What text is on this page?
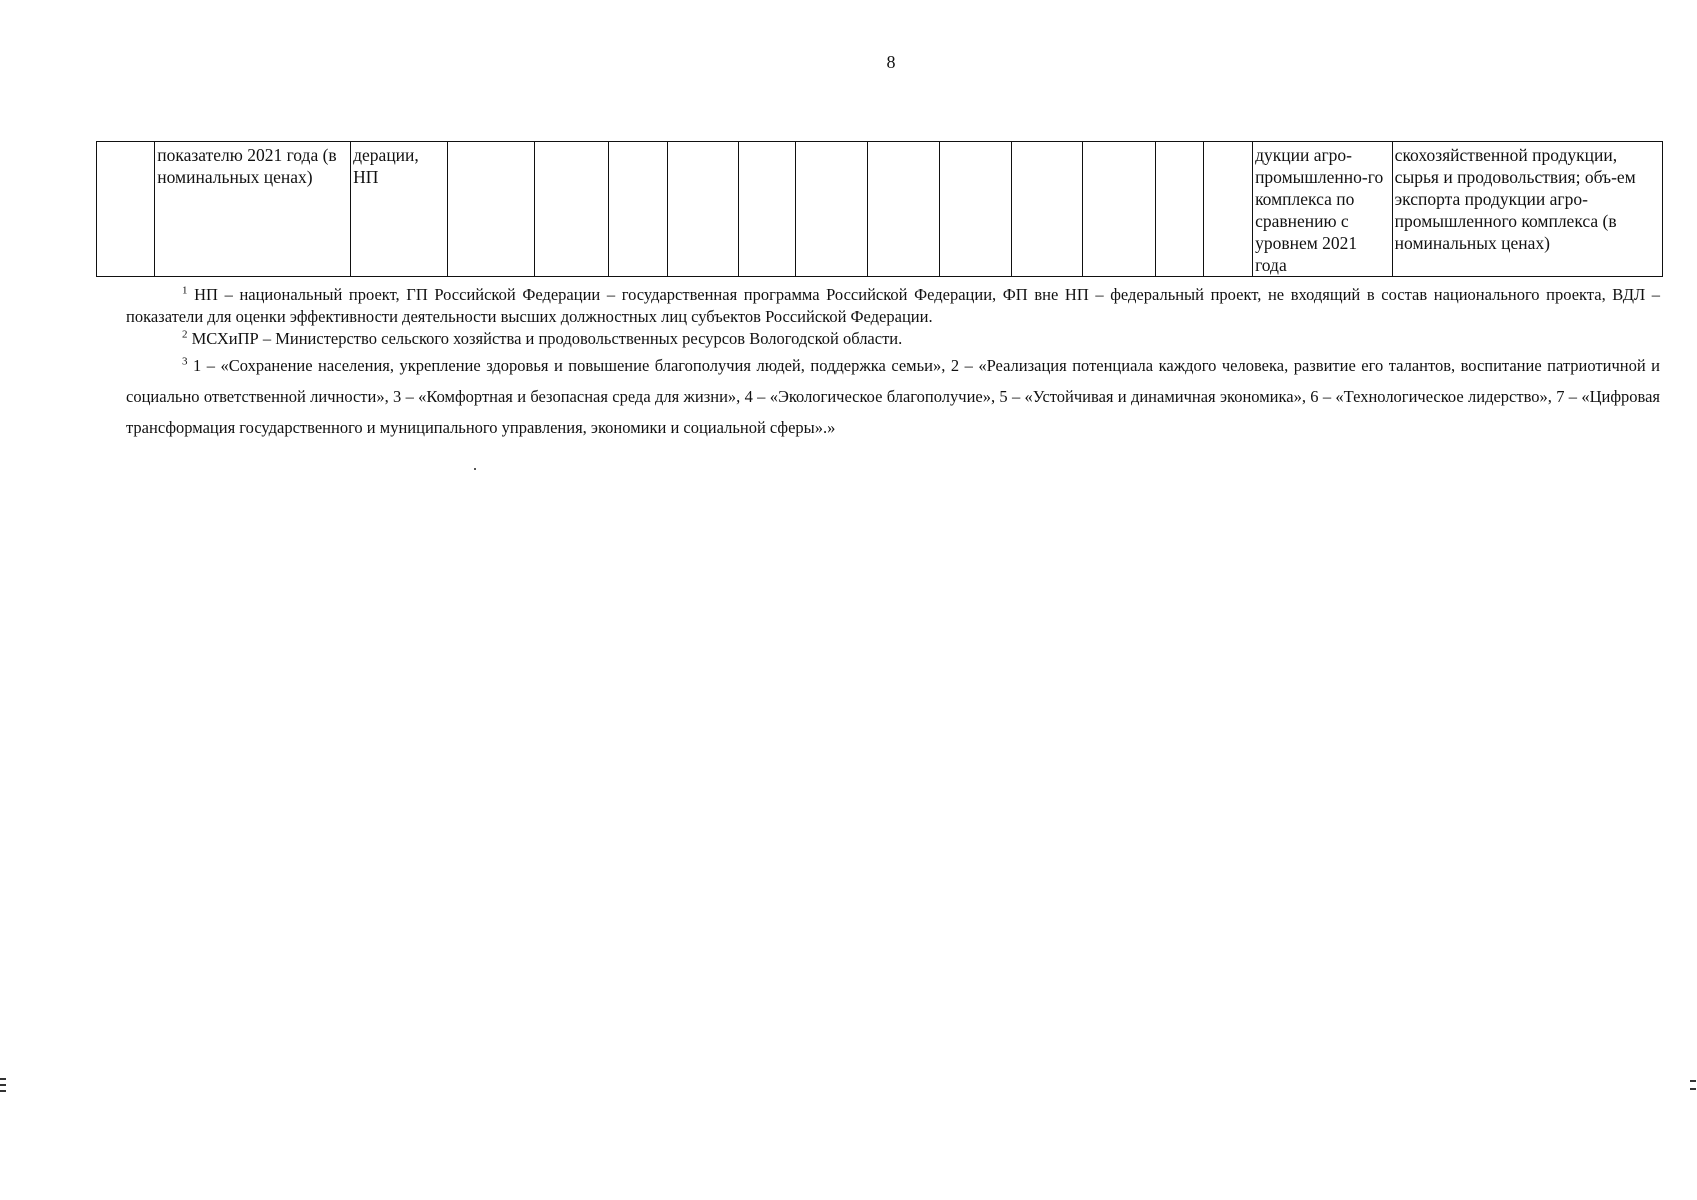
8
	показателю 2021 года (в номинальных ценах)	дерации, НП													дукции агро-промышленно-го комплекса по сравнению с уровнем 2021 года	скохозяйственной продукции, сырья и продовольствия; объ-ем экспорта продукции агро-промышленного комплекса (в номинальных ценах)

$^1$ НП – национальный проект, ГП Российской Федерации – государственная программа Российской Федерации, ФП вне НП – федеральный проект, не входящий в состав национального проекта, ВДЛ – показатели для оценки эффективности деятельности высших должностных лиц субъектов Российской Федерации.

$^2$ МСХиПР – Министерство сельского хозяйства и продовольственных ресурсов Вологодской области.

$^3$ 1 – «Сохранение населения, укрепление здоровья и повышение благополучия людей, поддержка семьи», 2 – «Реализация потенциала каждого человека, развитие его талантов, воспитание патриотичной и социально ответственной личности», 3 – «Комфортная и безопасная среда для жизни», 4 – «Экологическое благополучие», 5 – «Устойчивая и динамичная экономика», 6 – «Технологическое лидерство», 7 – «Цифровая трансформация государственного и муниципального управления, экономики и социальной сферы».»
